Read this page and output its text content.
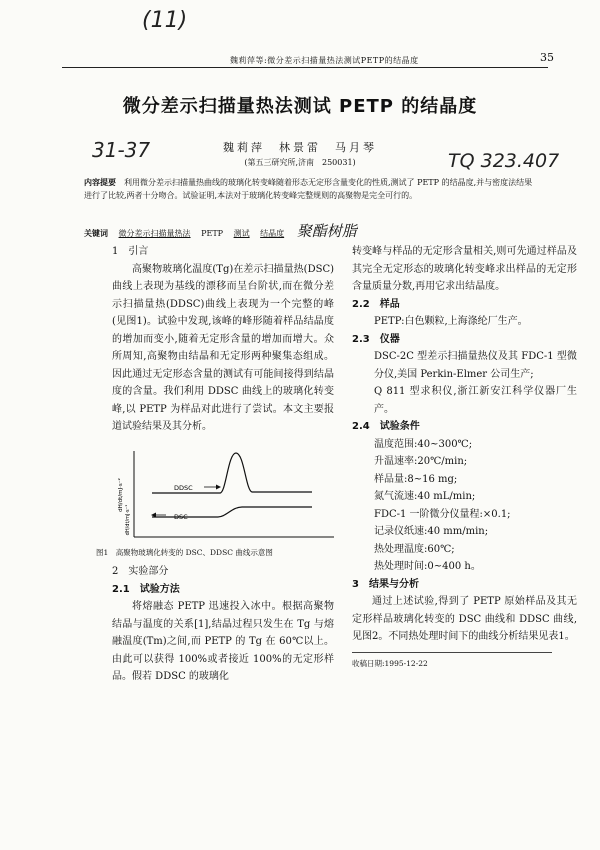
(11)
魏莉萍等:微分差示扫描量热法测试PETP的结晶度	35
微分差示扫描量热法测试 PETP 的结晶度
魏莉萍　林景雷　马月琴
(第五三研究所,济南　250031)
31-37	TQ 323.407
内容提要　 利用微分差示扫描量热曲线的玻璃化转变峰随着形态无定形含量变化的性质,测试了 PETP 的结晶度,并与密度法结果进行了比较,两者十分吻合。试验证明,本法对于玻璃化转变峰完整规则的高聚物是完全可行的。
关键词　 微分差示扫描量热法　 PETP　 测试　 结晶度 聚酯树脂
1　引言

高聚物玻璃化温度(Tg)在差示扫描量热(DSC)曲线上表现为基线的漂移而呈台阶状,而在微分差示扫描量热(DDSC)曲线上表现为一个完整的峰(见图1)。试验中发现,该峰的峰形随着样品结晶度的增加而变小,随着无定形含量的增加而增大。众所周知,高聚物由结晶和无定形两种聚集态组成。因此通过无定形态含量的测试有可能间接得到结晶度的含量。我们利用 DDSC 曲线上的玻璃化转变峰,以 PETP 为样品对此进行了尝试。本文主要报道试验结果及其分析。

DDSC
DSC
dH/dt/mJ·s⁻²
dH/dt/mJ·s⁻¹
图1　高聚物玻璃化转变的 DSC、DDSC 曲线示意图
2　实验部分
2.1　试验方法

将熔融态 PETP 迅速投入冰中。根据高聚物结晶与温度的关系[1],结晶过程只发生在 Tg 与熔融温度(Tm)之间,而 PETP 的 Tg 在 60℃以上。由此可以获得 100%或者接近 100%的无定形样品。假若 DDSC 的玻璃化

转变峰与样品的无定形含量相关,则可先通过样品及其完全无定形态的玻璃化转变峰求出样品的无定形含量质量分数,再用它求出结晶度。

2.2　样品

PETP:白色颗粒,上海涤纶厂生产。

2.3　仪器

DSC-2C 型差示扫描量热仪及其 FDC-1 型微分仪,美国 Perkin-Elmer 公司生产;

Q 811 型求积仪,浙江新安江科学仪器厂生产。

2.4　试验条件

温度范围:40~300℃;

升温速率:20℃/min;

样品量:8~16 mg;

氮气流速:40 mL/min;

FDC-1 一阶微分仪量程:×0.1;

记录仪纸速:40 mm/min;

热处理温度:60℃;

热处理时间:0~400 h。

3　结果与分析

通过上述试验,得到了 PETP 原始样品及其无定形样品玻璃化转变的 DSC 曲线和 DDSC 曲线,见图2。不同热处理时间下的曲线分析结果见表1。

收稿日期:1995-12-22
